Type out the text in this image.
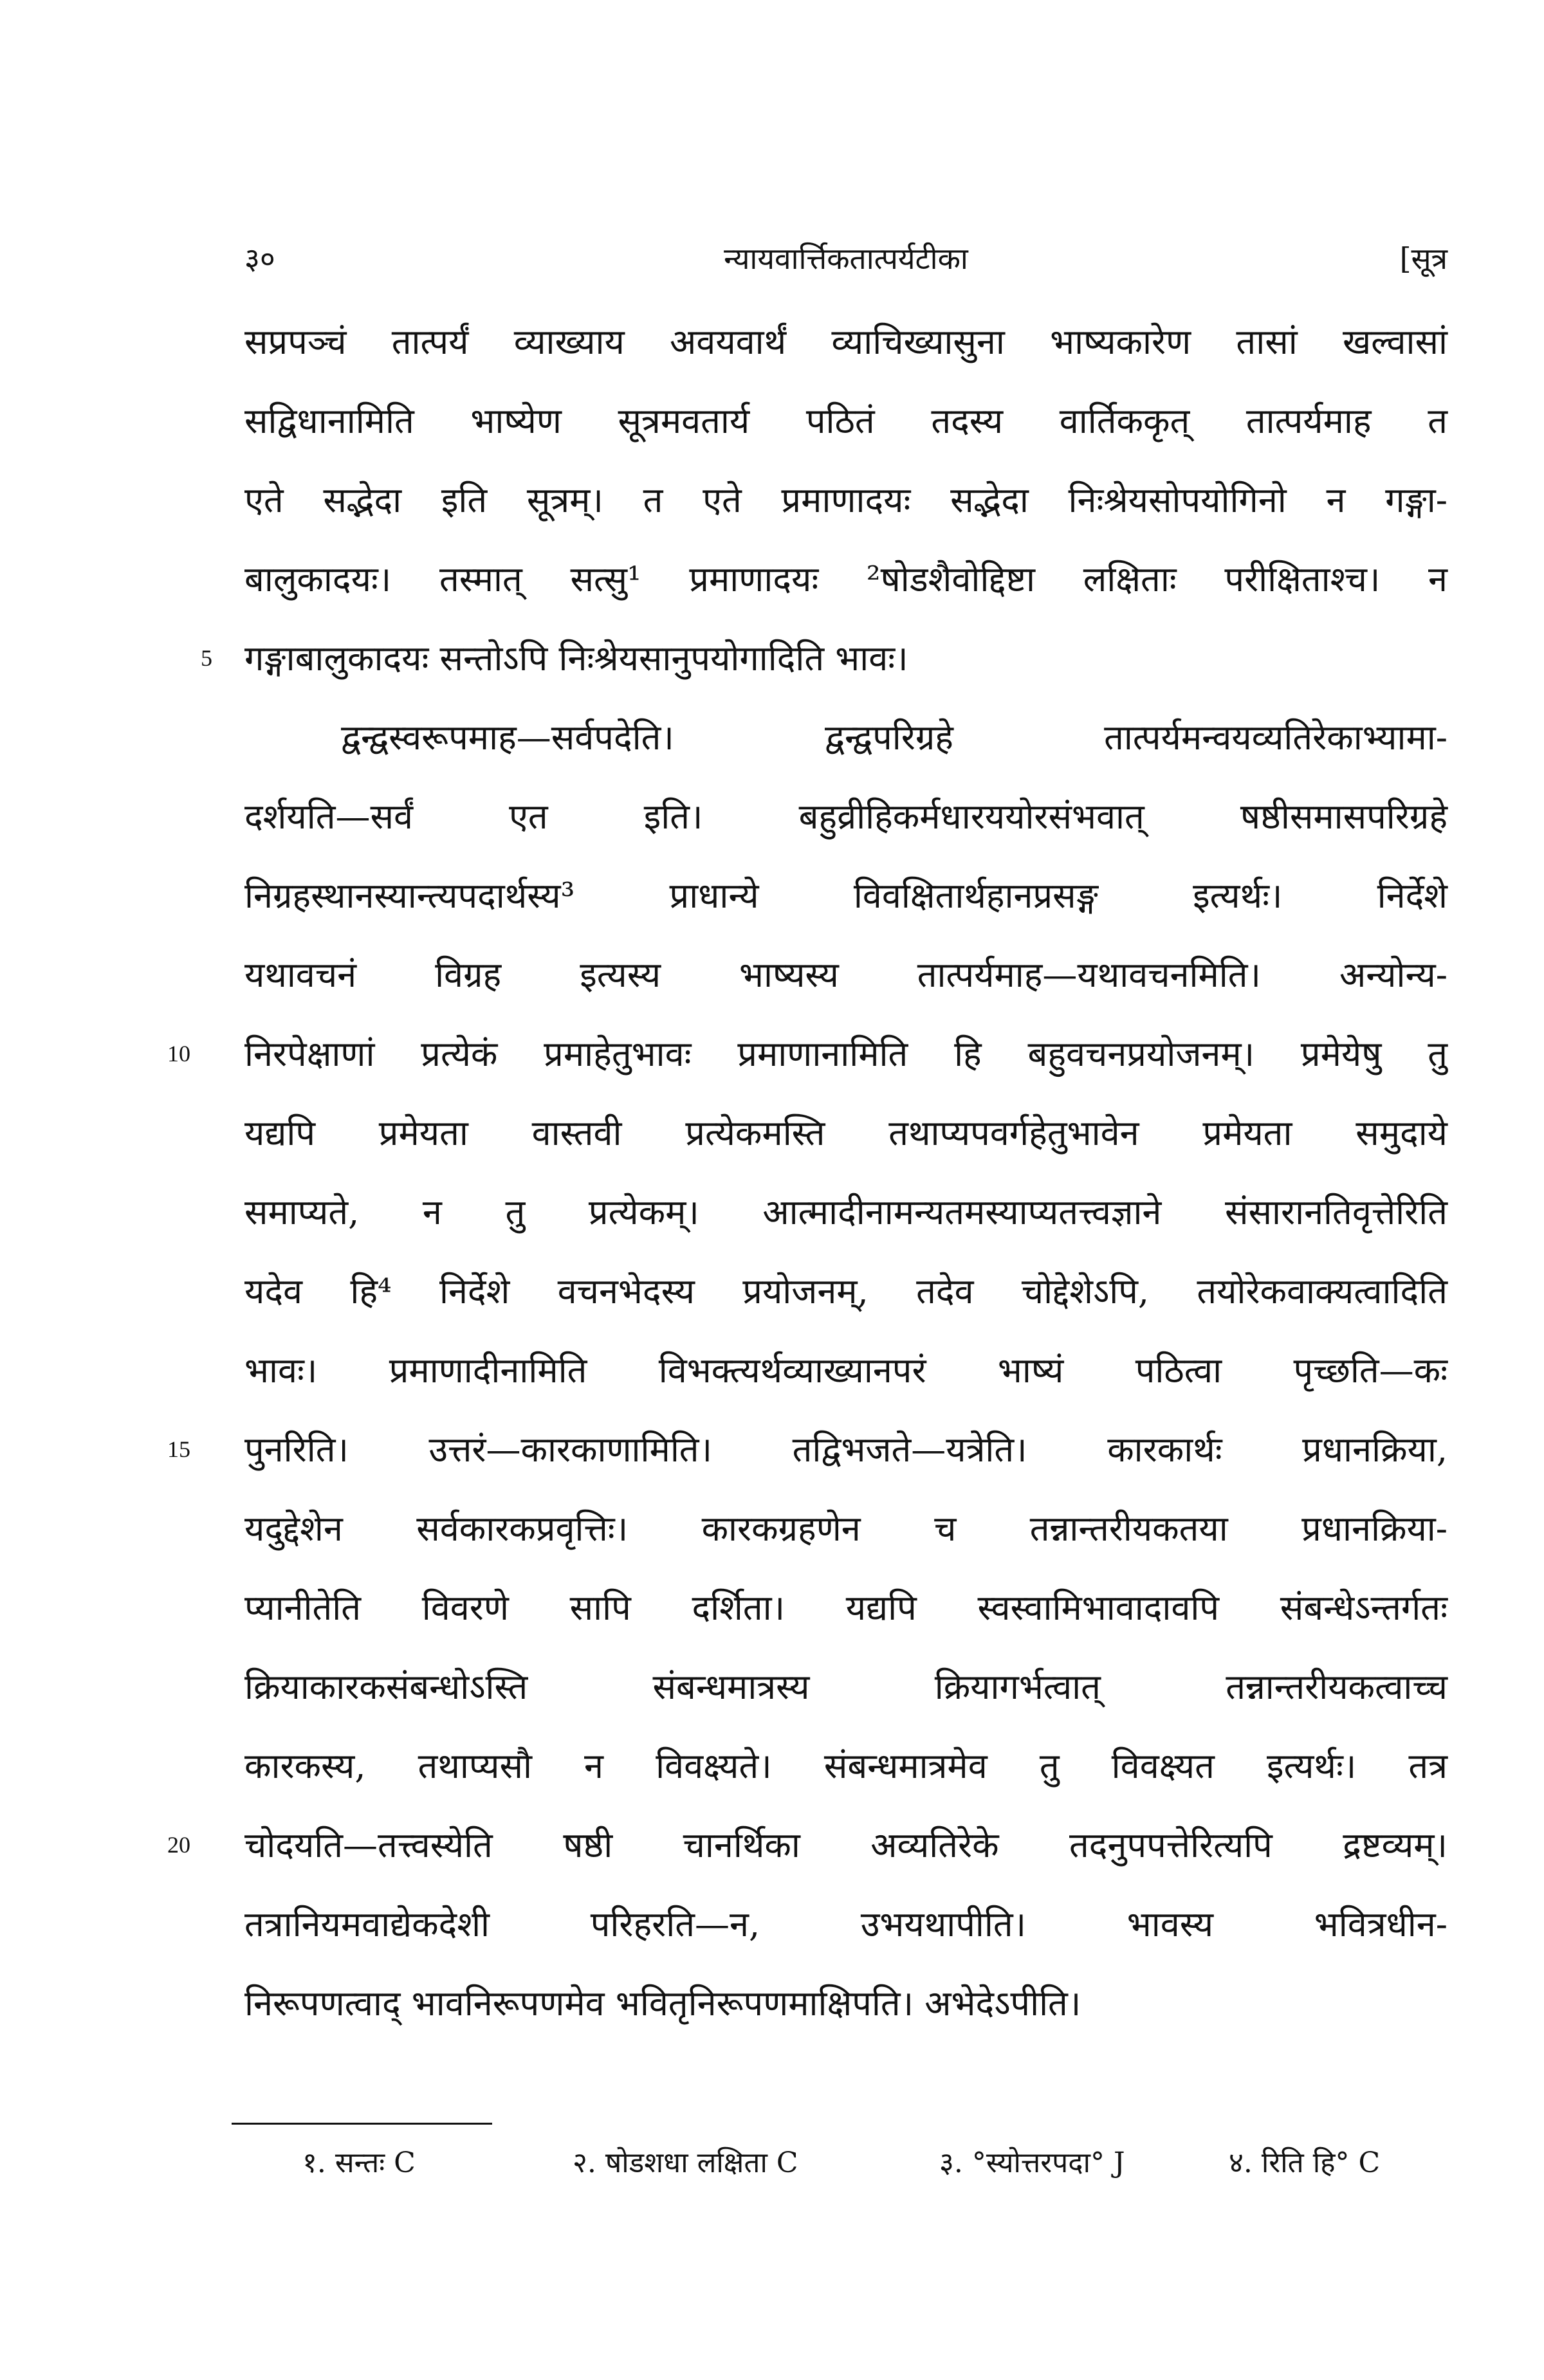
३०	न्यायवार्त्तिकतात्पर्यटीका	[सूत्र
सप्रपञ्चं तात्पर्यं व्याख्याय अवयवार्थं व्याचिख्यासुना भाष्यकारेण तासां खल्वासां
सद्विधानामिति भाष्येण सूत्रमवतार्य पठितं तदस्य वार्तिककृत् तात्पर्यमाह त
एते सद्भेदा इति सूत्रम्। त एते प्रमाणादयः सद्भेदा निःश्रेयसोपयोगिनो न गङ्गा-
बालुकादयः। तस्मात् सत्सु¹ प्रमाणादयः ²षोडशैवोद्दिष्टा लक्षिताः परीक्षिताश्च। न
5 गङ्गाबालुकादयः सन्तोऽपि निःश्रेयसानुपयोगादिति भावः।
द्वन्द्वस्वरूपमाह—सर्वपदेति। द्वन्द्वपरिग्रहे तात्पर्यमन्वयव्यतिरेकाभ्यामा-
दर्शयति—सर्वं एत इति। बहुव्रीहिकर्मधारययोरसंभवात् षष्ठीसमासपरिग्रहे
निग्रहस्थानस्यान्त्यपदार्थस्य³ प्राधान्ये विवक्षितार्थहानप्रसङ्ग इत्यर्थः। निर्देशे
यथावचनं विग्रह इत्यस्य भाष्यस्य तात्पर्यमाह—यथावचनमिति। अन्योन्य-
10	निरपेक्षाणां प्रत्येकं प्रमाहेतुभावः प्रमाणानामिति हि बहुवचनप्रयोजनम्। प्रमेयेषु तु
यद्यपि प्रमेयता वास्तवी प्रत्येकमस्ति तथाप्यपवर्गहेतुभावेन प्रमेयता समुदाये
समाप्यते, न तु प्रत्येकम्। आत्मादीनामन्यतमस्याप्यतत्त्वज्ञाने संसारानतिवृत्तेरिति
यदेव हि⁴ निर्देशे वचनभेदस्य प्रयोजनम्, तदेव चोद्देशेऽपि, तयोरेकवाक्यत्वादिति
भावः। प्रमाणादीनामिति विभक्त्यर्थव्याख्यानपरं भाष्यं पठित्वा पृच्छति—कः
15	पुनरिति। उत्तरं—कारकाणामिति। तद्विभजते—यत्रेति। कारकार्थः प्रधानक्रिया,
यदुद्देशेन सर्वकारकप्रवृत्तिः। कारकग्रहणेन च तन्नान्तरीयकतया प्रधानक्रिया-
प्यानीतेति विवरणे सापि दर्शिता। यद्यपि स्वस्वामिभावादावपि संबन्धेऽन्तर्गतः
क्रियाकारकसंबन्धोऽस्ति संबन्धमात्रस्य क्रियागर्भत्वात् तन्नान्तरीयकत्वाच्च
कारकस्य, तथाप्यसौ न विवक्ष्यते। संबन्धमात्रमेव तु विवक्ष्यत इत्यर्थः। तत्र
20	चोदयति—तत्त्वस्येति षष्ठी चानर्थिका अव्यतिरेके तदनुपपत्तेरित्यपि द्रष्टव्यम्।
तत्रानियमवाद्येकदेशी परिहरति—न, उभयथापीति। भावस्य भवित्रधीन-
निरूपणत्वाद् भावनिरूपणमेव भवितृनिरूपणमाक्षिपति। अभेदेऽपीति।
१. सन्तः C	२. षोडशधा लक्षिता C	३. °स्योत्तरपदा° J	४. रिति हि° C
